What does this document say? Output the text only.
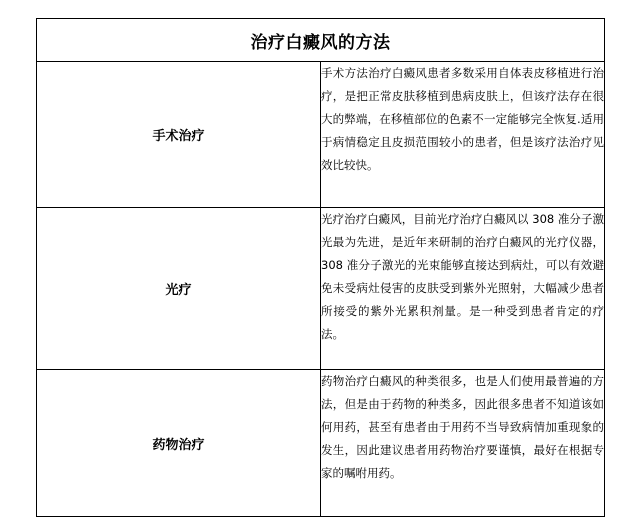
治疗白癜风的方法	
手术治疗	手术方法治疗白癜风患者多数采用自体表皮移植进行治疗，是把正常皮肤移植到患病皮肤上，但该疗法存在很大的弊端，在移植部位的色素不一定能够完全恢复.适用于病情稳定且皮损范围较小的患者，但是该疗法治疗见效比较快。
光疗	光疗治疗白癜风，目前光疗治疗白癜风以 308 准分子激光最为先进，是近年来研制的治疗白癜风的光疗仪器，308 准分子激光的光束能够直接达到病灶，可以有效避免未受病灶侵害的皮肤受到紫外光照射，大幅减少患者所接受的紫外光累积剂量。是一种受到患者肯定的疗法。
药物治疗	药物治疗白癜风的种类很多，也是人们使用最普遍的方法，但是由于药物的种类多，因此很多患者不知道该如何用药，甚至有患者由于用药不当导致病情加重现象的发生，因此建议患者用药物治疗要谨慎，最好在根据专家的嘱咐用药。
